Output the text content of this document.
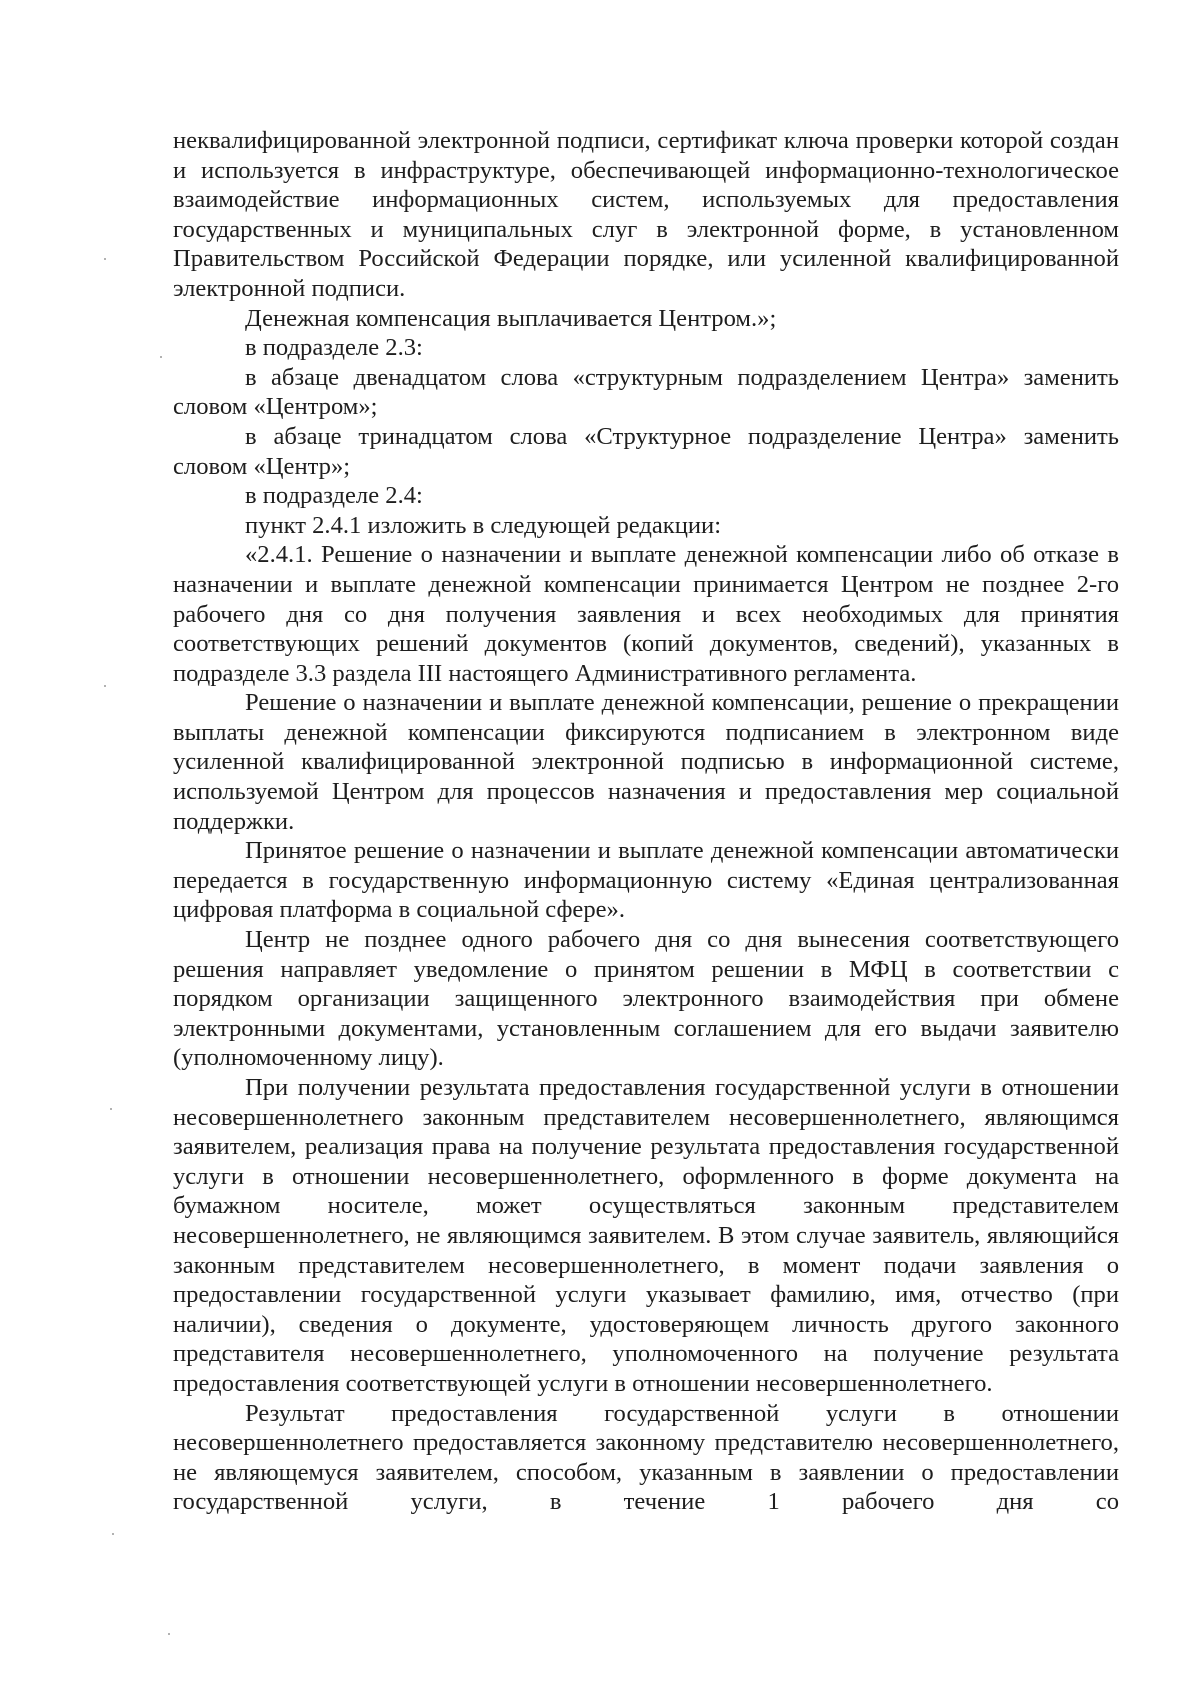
неквалифицированной электронной подписи, сертификат ключа проверки которой создан и используется в инфраструктуре, обеспечивающей информационно-технологическое взаимодействие информационных систем, используемых для предоставления государственных и муниципальных слуг в электронной форме, в установленном Правительством Российской Федерации порядке, или усиленной квалифицированной электронной подписи.

Денежная компенсация выплачивается Центром.»;

в подразделе 2.3:

в абзаце двенадцатом слова «структурным подразделением Центра» заменить словом «Центром»;

в абзаце тринадцатом слова «Структурное подразделение Центра» заменить словом «Центр»;

в подразделе 2.4:

пункт 2.4.1 изложить в следующей редакции:

«2.4.1. Решение о назначении и выплате денежной компенсации либо об отказе в назначении и выплате денежной компенсации принимается Центром не позднее 2-го рабочего дня со дня получения заявления и всех необходимых для принятия соответствующих решений документов (копий документов, сведений), указанных в подразделе 3.3 раздела III настоящего Административного регламента.

Решение о назначении и выплате денежной компенсации, решение о прекращении выплаты денежной компенсации фиксируются подписанием в электронном виде усиленной квалифицированной электронной подписью в информационной системе, используемой Центром для процессов назначения и предоставления мер социальной поддержки.

Принятое решение о назначении и выплате денежной компенсации автоматически передается в государственную информационную систему «Единая централизованная цифровая платформа в социальной сфере».

Центр не позднее одного рабочего дня со дня вынесения соответствующего решения направляет уведомление о принятом решении в МФЦ в соответствии с порядком организации защищенного электронного взаимодействия при обмене электронными документами, установленным соглашением для его выдачи заявителю (уполномоченному лицу).

При получении результата предоставления государственной услуги в отношении несовершеннолетнего законным представителем несовершеннолетнего, являющимся заявителем, реализация права на получение результата предоставления государственной услуги в отношении несовершеннолетнего, оформленного в форме документа на бумажном носителе, может осуществляться законным представителем несовершеннолетнего, не являющимся заявителем. В этом случае заявитель, являющийся законным представителем несовершеннолетнего, в момент подачи заявления о предоставлении государственной услуги указывает фамилию, имя, отчество (при наличии), сведения о документе, удостоверяющем личность другого законного представителя несовершеннолетнего, уполномоченного на получение результата предоставления соответствующей услуги в отношении несовершеннолетнего.

Результат предоставления государственной услуги в отношении несовершеннолетнего предоставляется законному представителю несовершеннолетнего, не являющемуся заявителем, способом, указанным в заявлении о предоставлении государственной услуги, в течение 1 рабочего дня со
